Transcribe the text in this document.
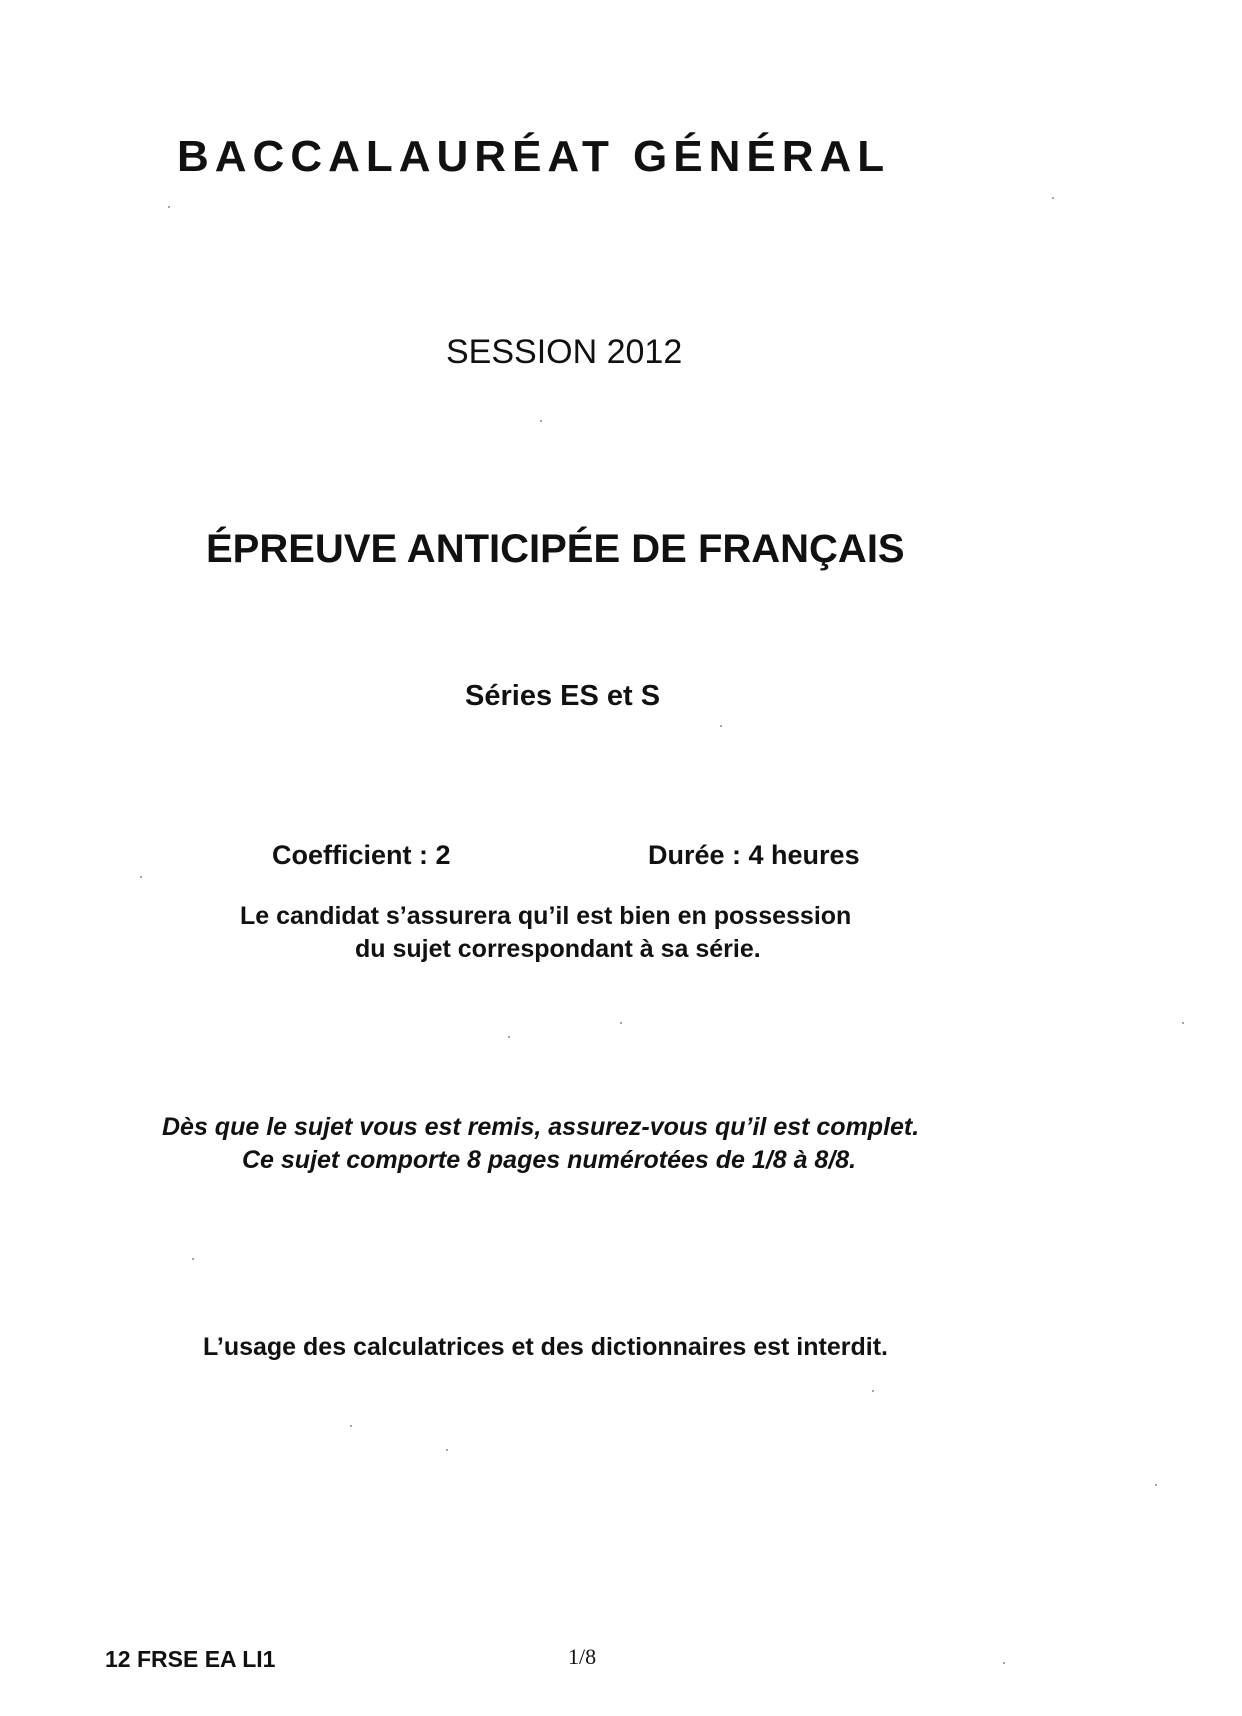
BACCALAURÉAT GÉNÉRAL
SESSION 2012
ÉPREUVE ANTICIPÉE DE FRANÇAIS
Séries ES et S
Coefficient : 2	Durée : 4 heures
Le candidat s’assurera qu’il est bien en possession
du sujet correspondant à sa série.
Dès que le sujet vous est remis, assurez-vous qu’il est complet.
Ce sujet comporte 8 pages numérotées de 1/8 à 8/8.
L’usage des calculatrices et des dictionnaires est interdit.
12 FRSE EA LI1	1/8
